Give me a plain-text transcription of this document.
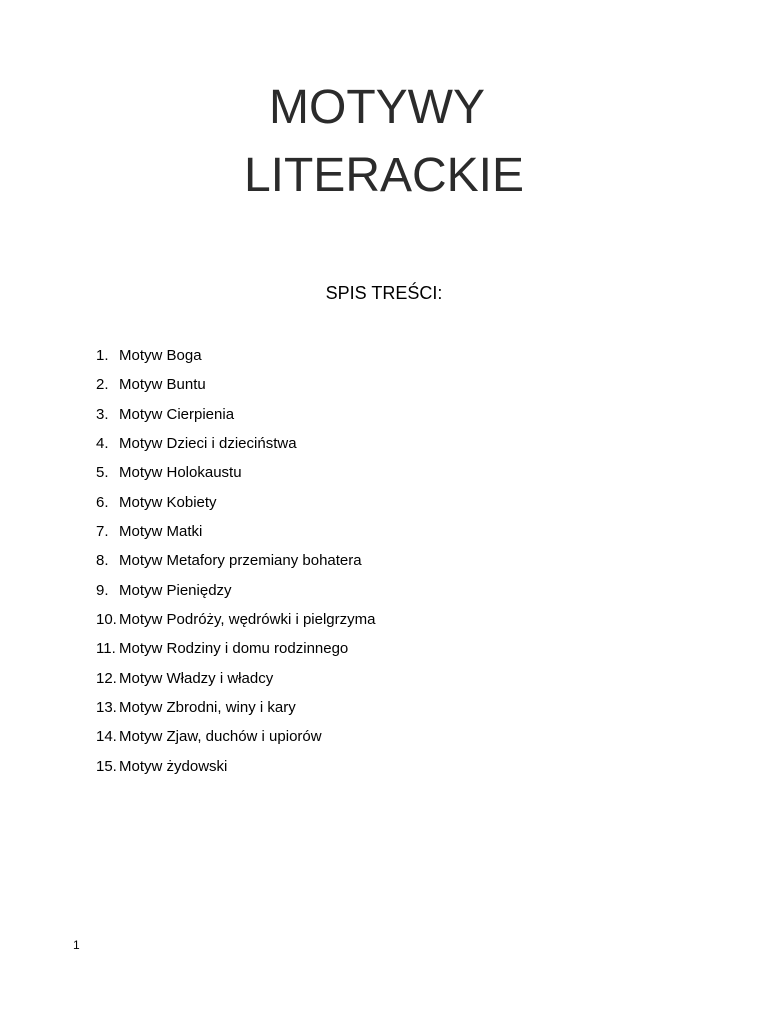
MOTYWY
LITERACKIE
SPIS TREŚCI:
1. Motyw Boga
2. Motyw Buntu
3. Motyw Cierpienia
4. Motyw Dzieci i dzieciństwa
5. Motyw Holokaustu
6. Motyw Kobiety
7. Motyw Matki
8. Motyw Metafory przemiany bohatera
9. Motyw Pieniędzy
10. Motyw Podróży, wędrówki i pielgrzyma
11. Motyw Rodziny i domu rodzinnego
12. Motyw Władzy i władcy
13. Motyw Zbrodni, winy i kary
14. Motyw Zjaw, duchów i upiorów
15. Motyw żydowski
1
